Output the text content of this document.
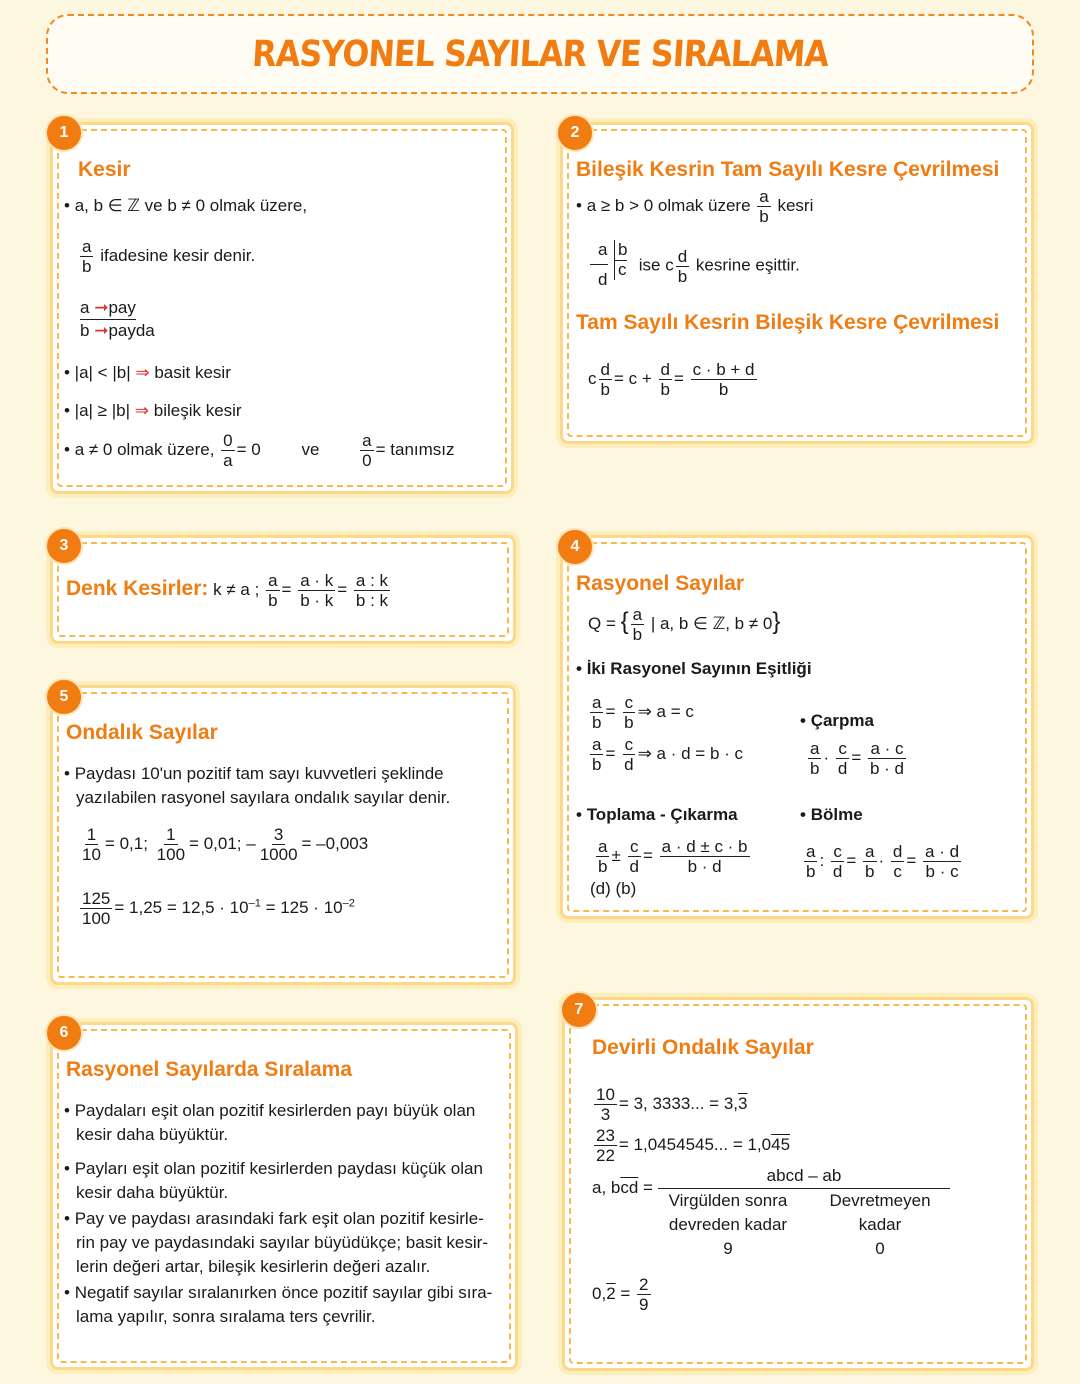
RASYONEL SAYILAR VE SIRALAMA
1
Kesir
• a, b ∈ ℤ ve b ≠ 0 olmak üzere,
$\frac{a}{b}$ ifadesine kesir denir.
a ➞pay
b ➞payda
• |a| < |b| ⇒ basit kesir
• |a| ≥ |b| ⇒ bileşik kesir
• a ≠ 0 olmak üzere, $\frac{0}{a} = 0$ ve $\frac{a}{0}$ = tanımsız
2
Bileşik Kesrin Tam Sayılı Kesre Çevrilmesi
• a ≥ b > 0 olmak üzere $\frac{a}{b}$ kesri
a b
c
d
ise c $\frac{d}{b}$ kesrine eşittir.
Tam Sayılı Kesrin Bileşik Kesre Çevrilmesi
c $\frac{d}{b} = c + \frac{d}{b} = \frac{c \cdot b + d}{b}$
3
Denk Kesirler: k ≠ a ; $\frac{a}{b} = \frac{a \cdot k}{b \cdot k} = \frac{a : k}{b : k}$
4
Rasyonel Sayılar
Q = { $\frac{a}{b}$ | a, b ∈ ℤ, b ≠ 0}
• İki Rasyonel Sayının Eşitliği
$\frac{a}{b} = \frac{c}{b}$ ⇒ a = c
$\frac{a}{b} = \frac{c}{d}$ ⇒ a · d = b · c
• Çarpma
$\frac{a}{b} \cdot \frac{c}{d} = \frac{a \cdot c}{b \cdot d}$
• Toplama - Çıkarma
$\frac{a}{b} \pm \frac{c}{d} = \frac{a \cdot d \pm c \cdot b}{b \cdot d}$
(d) (b)
• Bölme
$\frac{a}{b}$ : $\frac{c}{d} = \frac{a}{b} \cdot \frac{d}{c} = \frac{a \cdot d}{b \cdot c}$
5
Ondalık Sayılar

• Paydası 10'un pozitif tam sayı kuvvetleri şeklinde

yazılabilen rasyonel sayılara ondalık sayılar denir.

$\frac{1}{10} = 0,1$; $\frac{1}{100} = 0,01$; – $\frac{3}{1000} = -0,003$
$\frac{125}{100} = 1,25 = 12,5 \cdot 10^{-1} = 125 \cdot 10^{-2}$
6
Rasyonel Sayılarda Sıralama

• Paydaları eşit olan pozitif kesirlerden payı büyük olan

kesir daha büyüktür.

• Payları eşit olan pozitif kesirlerden paydası küçük olan

kesir daha büyüktür.

• Pay ve paydası arasındaki fark eşit olan pozitif kesirle-

rin pay ve paydasındaki sayılar büyüdükçe; basit kesir-

lerin değeri artar, bileşik kesirlerin değeri azalır.

• Negatif sayılar sıralanırken önce pozitif sayılar gibi sıra-

lama yapılır, sonra sıralama ters çevrilir.

7
Devirli Ondalık Sayılar
$\frac{10}{3} = 3$, 3333... = 3,3
$\frac{23}{22} = 1,0454545$... = 1,045
a, $b\overline{cd}$ =
abcd – ab
Virgülden sonra
devreden kadar
9
Devretmeyen
kadar
0
$0,2 = \frac{2}{9}$
